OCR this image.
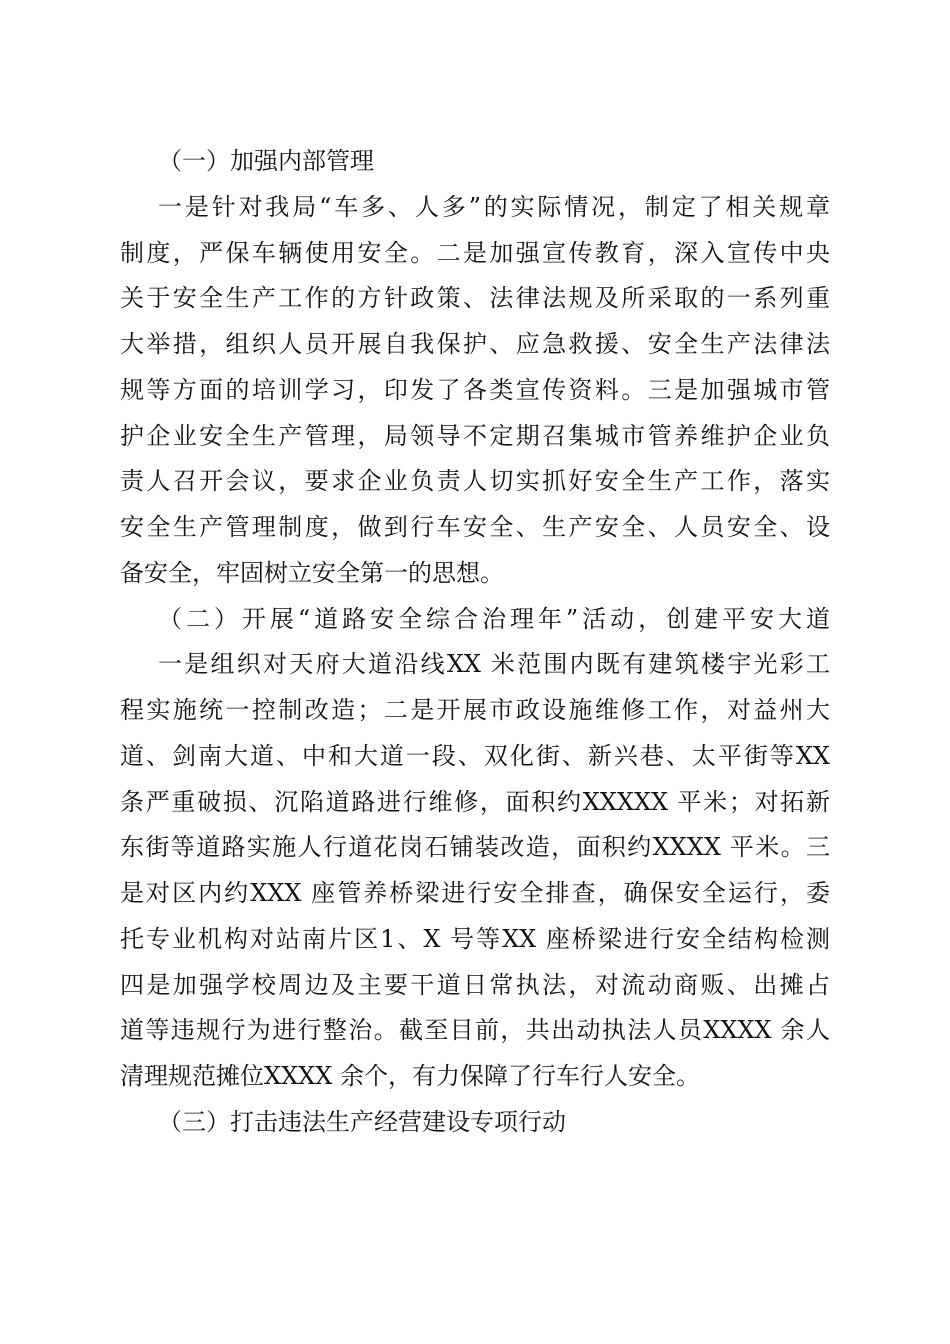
（一）加强内部管理
一是针对我局“车多、人多”的实际情况，制定了相关规章
制度，严保车辆使用安全。二是加强宣传教育，深入宣传中央
关于安全生产工作的方针政策、法律法规及所采取的一系列重
大举措，组织人员开展自我保护、应急救援、安全生产法律法
规等方面的培训学习，印发了各类宣传资料。三是加强城市管
护企业安全生产管理，局领导不定期召集城市管养维护企业负
责人召开会议，要求企业负责人切实抓好安全生产工作，落实
安全生产管理制度，做到行车安全、生产安全、人员安全、设
备安全，牢固树立安全第一的思想。
（二）开展“道路安全综合治理年”活动，创建平安大道
一是组织对天府大道沿线XX 米范围内既有建筑楼宇光彩工
程实施统一控制改造；二是开展市政设施维修工作，对益州大
道、剑南大道、中和大道一段、双化街、新兴巷、太平街等XX
条严重破损、沉陷道路进行维修，面积约XXXXX 平米；对拓新
东街等道路实施人行道花岗石铺装改造，面积约XXXX 平米。三
是对区内约XXX 座管养桥梁进行安全排查，确保安全运行，委
托专业机构对站南片区1、X 号等XX 座桥梁进行安全结构检测
四是加强学校周边及主要干道日常执法，对流动商贩、出摊占
道等违规行为进行整治。截至目前，共出动执法人员XXXX 余人
清理规范摊位XXXX 余个，有力保障了行车行人安全。
（三）打击违法生产经营建设专项行动
